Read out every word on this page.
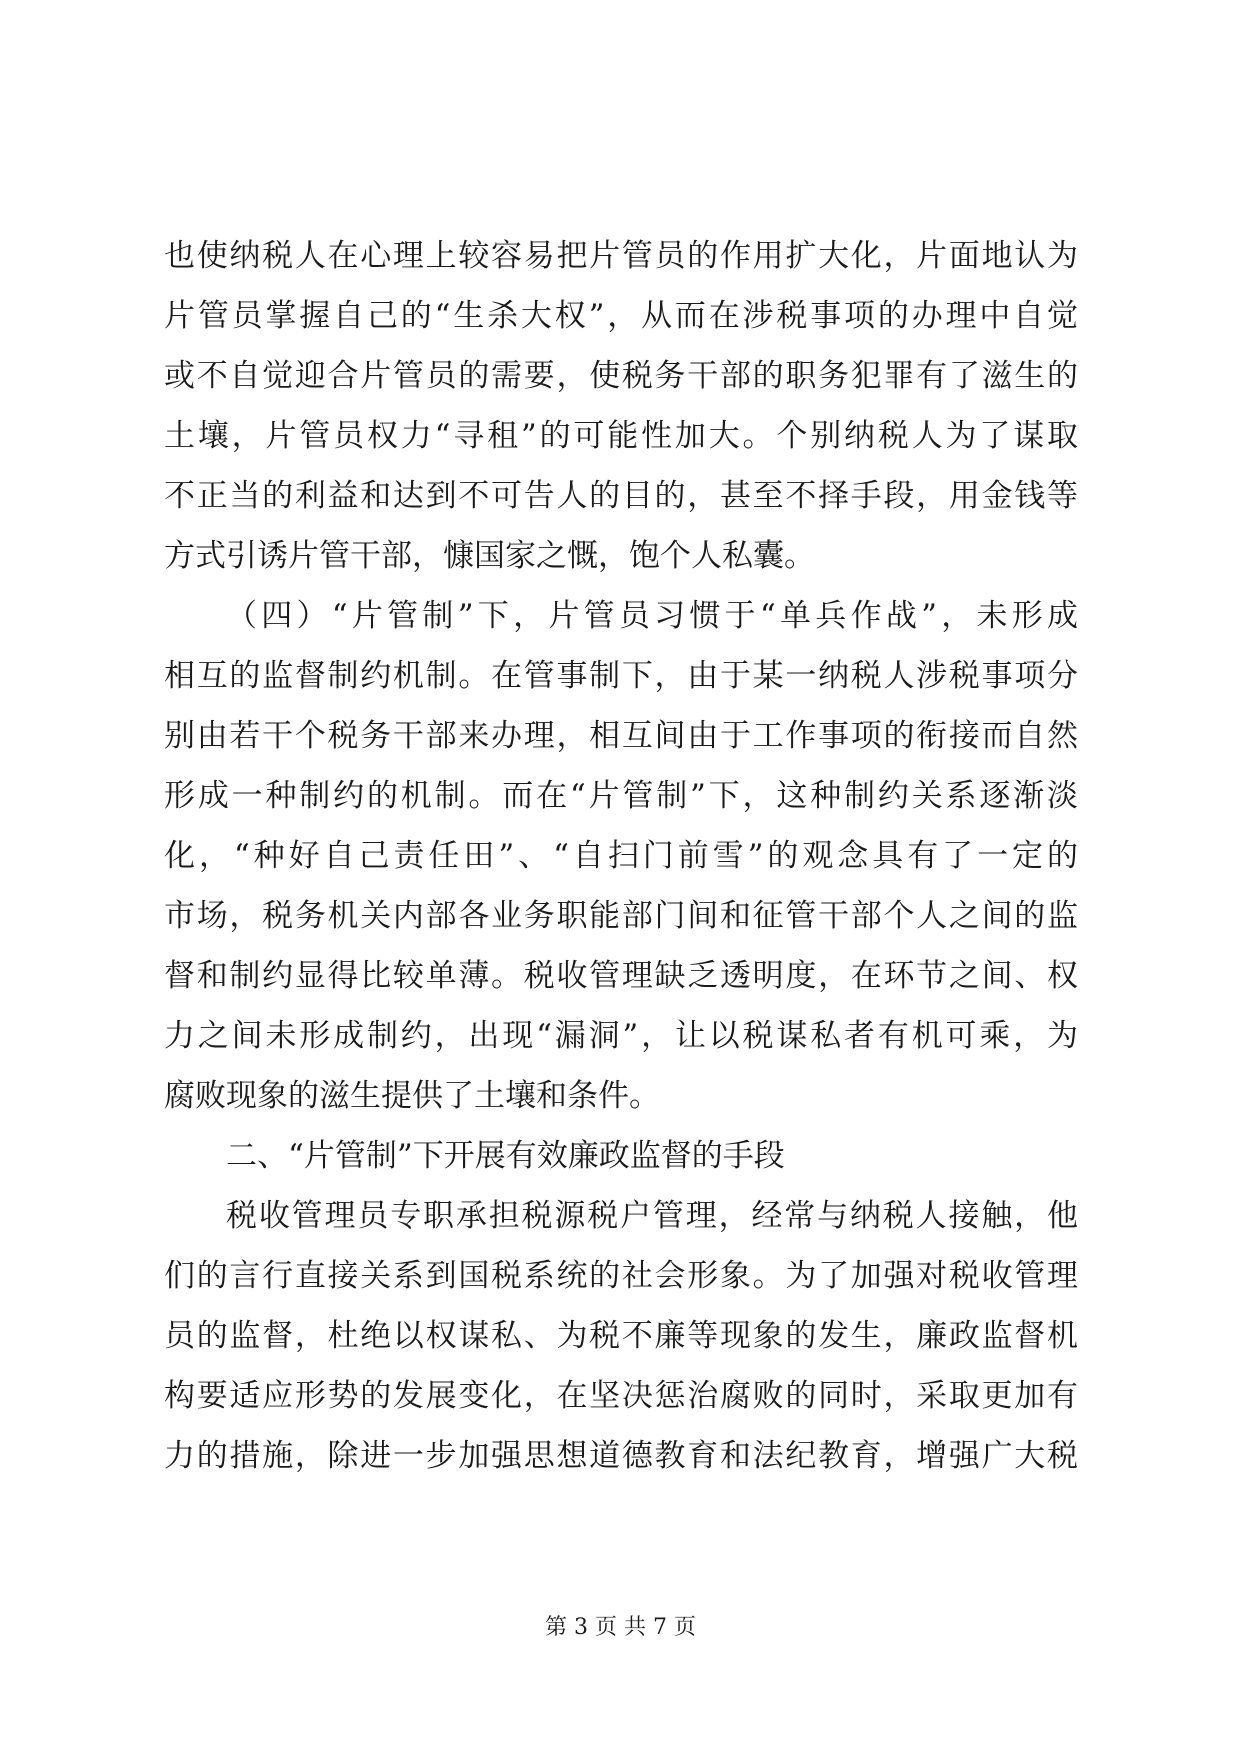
也使纳税人在心理上较容易把片管员的作用扩大化，片面地认为
片管员掌握自己的“生杀大权”，从而在涉税事项的办理中自觉
或不自觉迎合片管员的需要，使税务干部的职务犯罪有了滋生的
土壤，片管员权力“寻租”的可能性加大。个别纳税人为了谋取
不正当的利益和达到不可告人的目的，甚至不择手段，用金钱等
方式引诱片管干部，慷国家之慨，饱个人私囊。
（四）“片管制”下，片管员习惯于“单兵作战”，未形成
相互的监督制约机制。在管事制下，由于某一纳税人涉税事项分
别由若干个税务干部来办理，相互间由于工作事项的衔接而自然
形成一种制约的机制。而在“片管制”下，这种制约关系逐渐淡
化，“种好自己责任田”、“自扫门前雪”的观念具有了一定的
市场，税务机关内部各业务职能部门间和征管干部个人之间的监
督和制约显得比较单薄。税收管理缺乏透明度，在环节之间、权
力之间未形成制约，出现“漏洞”，让以税谋私者有机可乘，为
腐败现象的滋生提供了土壤和条件。
二、“片管制”下开展有效廉政监督的手段
税收管理员专职承担税源税户管理，经常与纳税人接触，他
们的言行直接关系到国税系统的社会形象。为了加强对税收管理
员的监督，杜绝以权谋私、为税不廉等现象的发生，廉政监督机
构要适应形势的发展变化，在坚决惩治腐败的同时，采取更加有
力的措施，除进一步加强思想道德教育和法纪教育，增强广大税
第 3 页 共 7 页
